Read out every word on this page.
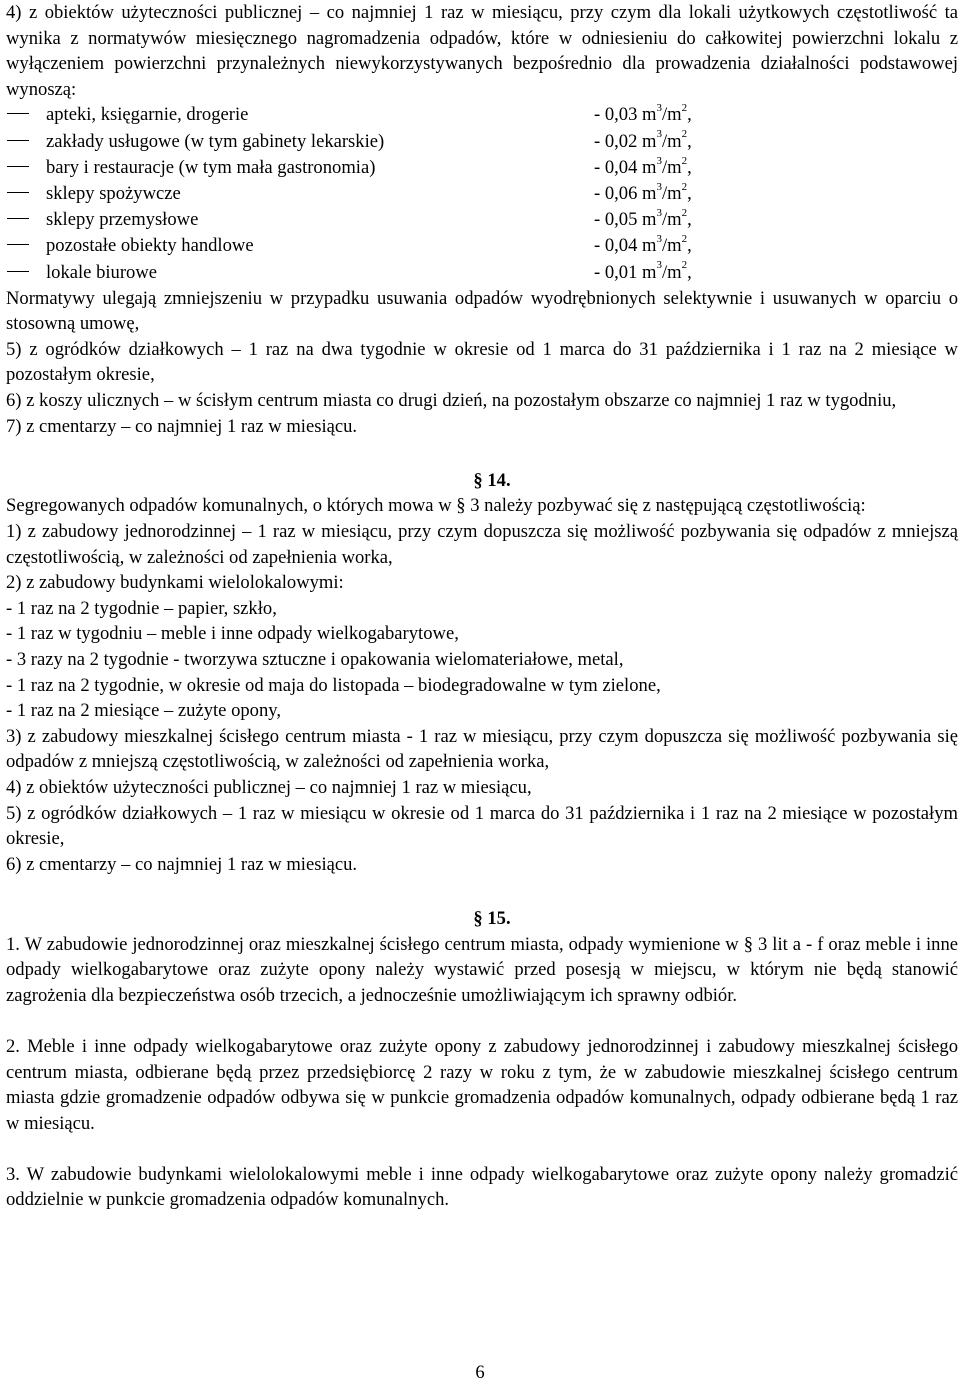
4) z obiektów użyteczności publicznej – co najmniej 1 raz w miesiącu, przy czym dla lokali użytkowych częstotliwość ta wynika z normatywów miesięcznego nagromadzenia odpadów, które w odniesieniu do całkowitej powierzchni lokalu z wyłączeniem powierzchni przynależnych niewykorzystywanych bezpośrednio dla prowadzenia działalności podstawowej wynoszą:

apteki, księgarnie, drogerie	- 0,03 $m^3/m^2$,
zakłady usługowe (w tym gabinety lekarskie)	- 0,02 $m^3/m^2$,
bary i restauracje (w tym mała gastronomia)	- 0,04 $m^3/m^2$,
sklepy spożywcze	- 0,06 $m^3/m^2$,
sklepy przemysłowe	- 0,05 $m^3/m^2$,
pozostałe obiekty handlowe	- 0,04 $m^3/m^2$,
lokale biurowe	- 0,01 $m^3/m^2$,

Normatywy ulegają zmniejszeniu w przypadku usuwania odpadów wyodrębnionych selektywnie i usuwanych w oparciu o stosowną umowę,

5) z ogródków działkowych – 1 raz na dwa tygodnie w okresie od 1 marca do 31 października i 1 raz na 2 miesiące w pozostałym okresie,

6) z koszy ulicznych – w ścisłym centrum miasta co drugi dzień, na pozostałym obszarze co najmniej 1 raz w tygodniu,

7) z cmentarzy – co najmniej 1 raz w miesiącu.

§ 14.

Segregowanych odpadów komunalnych, o których mowa w § 3 należy pozbywać się z następującą częstotliwością:

1) z zabudowy jednorodzinnej – 1 raz w miesiącu, przy czym dopuszcza się możliwość pozbywania się odpadów z mniejszą częstotliwością, w zależności od zapełnienia worka,

2) z zabudowy budynkami wielolokalowymi:

- 1 raz na 2 tygodnie – papier, szkło,

- 1 raz w tygodniu – meble i inne odpady wielkogabarytowe,

- 3 razy na 2 tygodnie - tworzywa sztuczne i opakowania wielomateriałowe, metal,

- 1 raz na 2 tygodnie, w okresie od maja do listopada – biodegradowalne w tym zielone,

- 1 raz na 2 miesiące – zużyte opony,

3) z zabudowy mieszkalnej ścisłego centrum miasta - 1 raz w miesiącu, przy czym dopuszcza się możliwość pozbywania się odpadów z mniejszą częstotliwością, w zależności od zapełnienia worka,

4) z obiektów użyteczności publicznej – co najmniej 1 raz w miesiącu,

5) z ogródków działkowych – 1 raz w miesiącu w okresie od 1 marca do 31 października i 1 raz na 2 miesiące w pozostałym okresie,

6) z cmentarzy – co najmniej 1 raz w miesiącu.

§ 15.

1. W zabudowie jednorodzinnej oraz mieszkalnej ścisłego centrum miasta, odpady wymienione w § 3 lit a - f oraz meble i inne odpady wielkogabarytowe oraz zużyte opony należy wystawić przed posesją w miejscu, w którym nie będą stanowić zagrożenia dla bezpieczeństwa osób trzecich, a jednocześnie umożliwiającym ich sprawny odbiór.

2. Meble i inne odpady wielkogabarytowe oraz zużyte opony z zabudowy jednorodzinnej i zabudowy mieszkalnej ścisłego centrum miasta, odbierane będą przez przedsiębiorcę 2 razy w roku z tym, że w zabudowie mieszkalnej ścisłego centrum miasta gdzie gromadzenie odpadów odbywa się w punkcie gromadzenia odpadów komunalnych, odpady odbierane będą 1 raz w miesiącu.

3. W zabudowie budynkami wielolokalowymi meble i inne odpady wielkogabarytowe oraz zużyte opony należy gromadzić oddzielnie w punkcie gromadzenia odpadów komunalnych.

6
